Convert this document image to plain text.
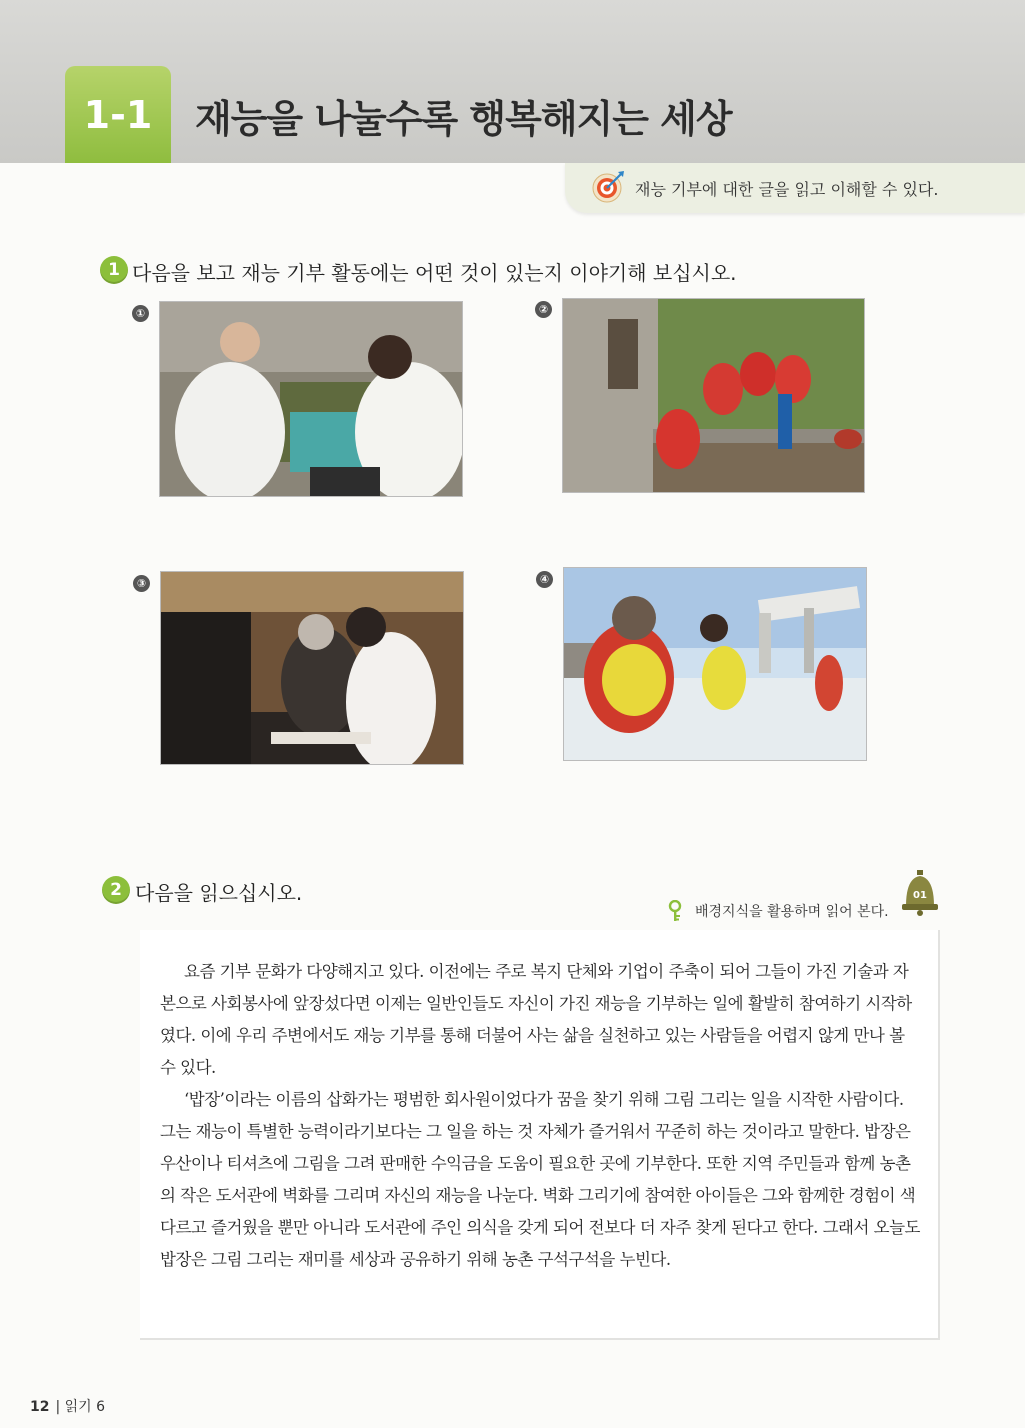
1-1	재능을 나눌수록 행복해지는 세상
재능 기부에 대한 글을 읽고 이해할 수 있다.
1 다음을 보고 재능 기부 활동에는 어떤 것이 있는지 이야기해 보십시오.
①	②
③	④
2 다음을 읽으십시오.
배경지식을 활용하며 읽어 본다.
01

요즘 기부 문화가 다양해지고 있다. 이전에는 주로 복지 단체와 기업이 주축이 되어 그들이 가진 기술과 자본으로 사회봉사에 앞장섰다면 이제는 일반인들도 자신이 가진 재능을 기부하는 일에 활발히 참여하기 시작하였다. 이에 우리 주변에서도 재능 기부를 통해 더불어 사는 삶을 실천하고 있는 사람들을 어렵지 않게 만나 볼 수 있다.

‘밥장’이라는 이름의 삽화가는 평범한 회사원이었다가 꿈을 찾기 위해 그림 그리는 일을 시작한 사람이다. 그는 재능이 특별한 능력이라기보다는 그 일을 하는 것 자체가 즐거워서 꾸준히 하는 것이라고 말한다. 밥장은 우산이나 티셔츠에 그림을 그려 판매한 수익금을 도움이 필요한 곳에 기부한다. 또한 지역 주민들과 함께 농촌의 작은 도서관에 벽화를 그리며 자신의 재능을 나눈다. 벽화 그리기에 참여한 아이들은 그와 함께한 경험이 색다르고 즐거웠을 뿐만 아니라 도서관에 주인 의식을 갖게 되어 전보다 더 자주 찾게 된다고 한다. 그래서 오늘도 밥장은 그림 그리는 재미를 세상과 공유하기 위해 농촌 구석구석을 누빈다.

12 | 읽기 6
